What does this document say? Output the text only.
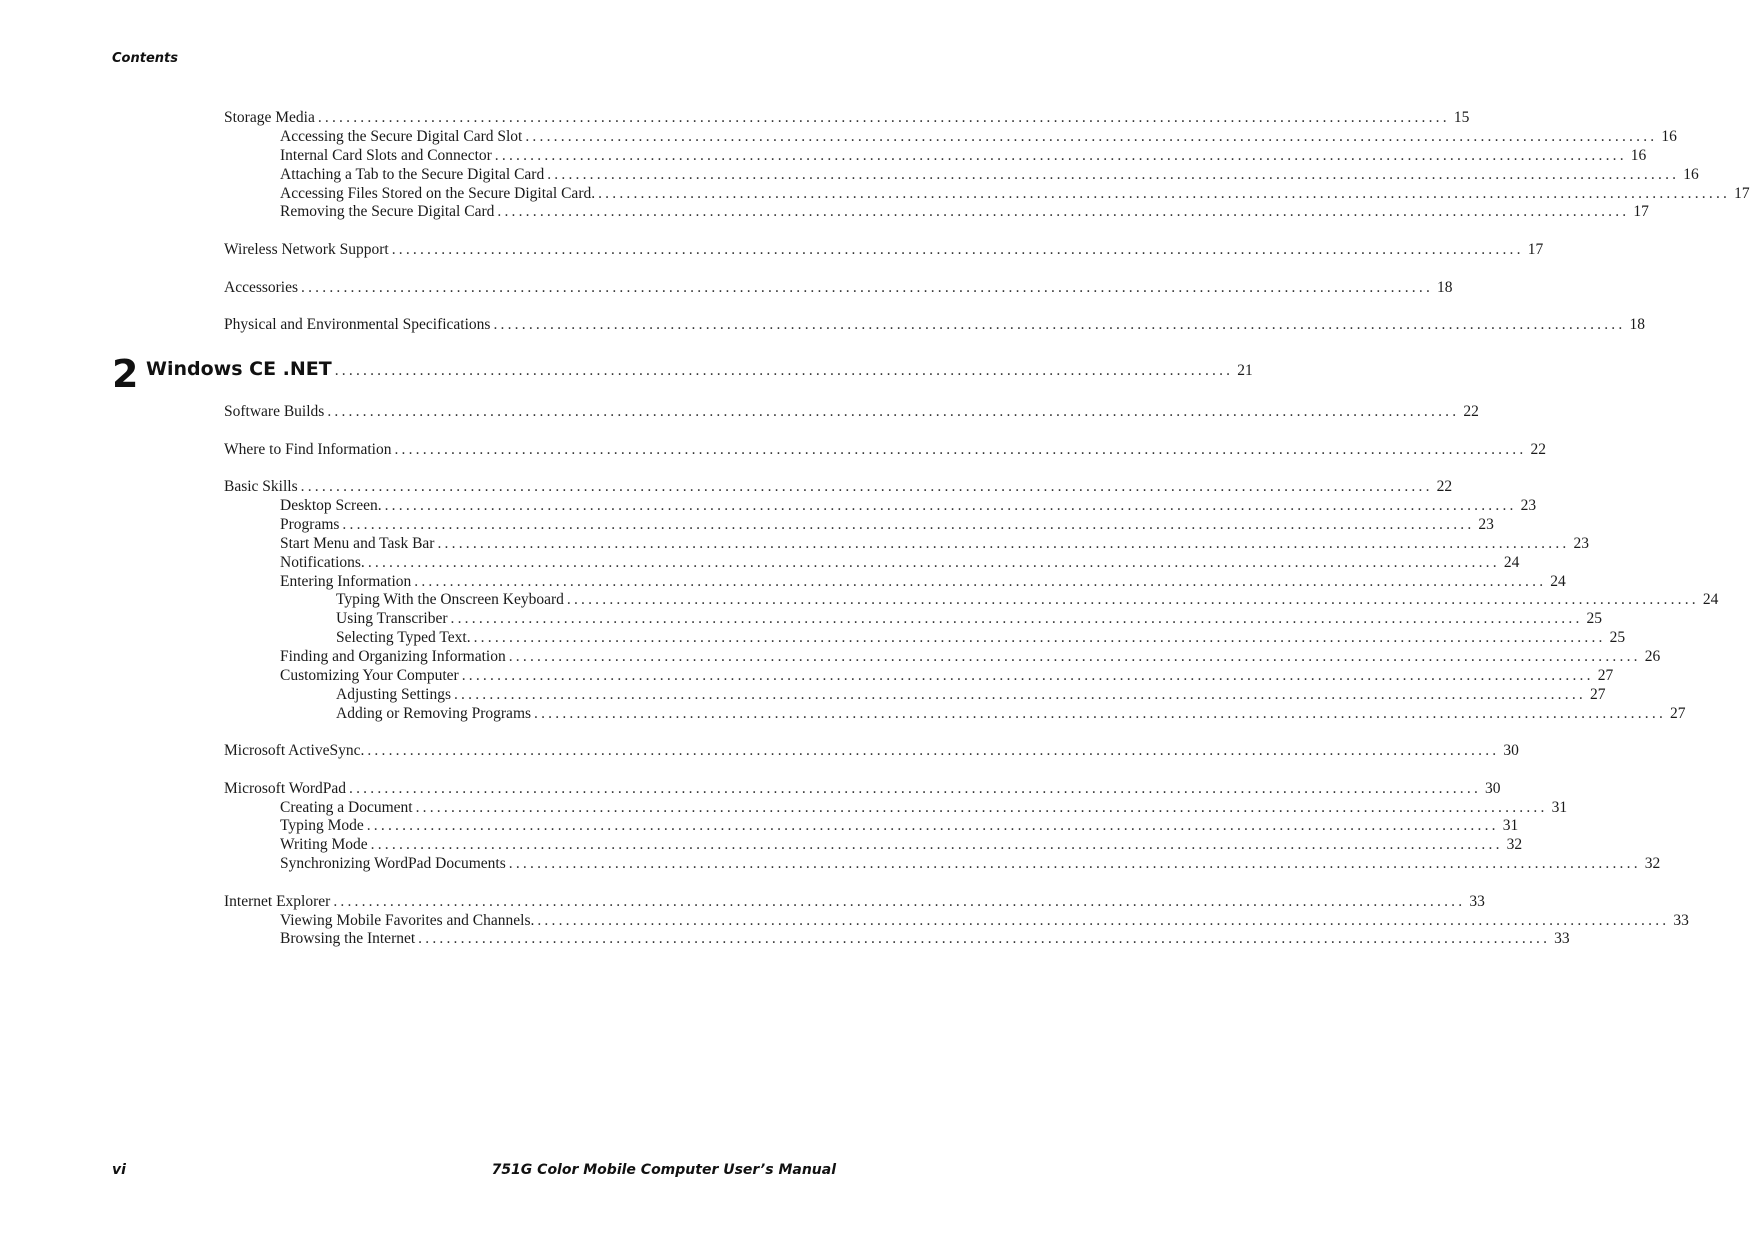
Contents
Storage Media ................................................................................................................................................................ 15
Accessing the Secure Digital Card Slot ................................................................................................................................................................ 16
Internal Card Slots and Connector ................................................................................................................................................................ 16
Attaching a Tab to the Secure Digital Card ................................................................................................................................................................ 16
Accessing Files Stored on the Secure Digital Card. ................................................................................................................................................................ 17
Removing the Secure Digital Card ................................................................................................................................................................ 17
Wireless Network Support ................................................................................................................................................................ 17
Accessories ................................................................................................................................................................ 18
Physical and Environmental Specifications ................................................................................................................................................................ 18
Software Builds ................................................................................................................................................................ 22
Where to Find Information ................................................................................................................................................................ 22
Basic Skills ................................................................................................................................................................ 22
Desktop Screen. ................................................................................................................................................................ 23
Programs ................................................................................................................................................................ 23
Start Menu and Task Bar ................................................................................................................................................................ 23
Notifications. ................................................................................................................................................................ 24
Entering Information ................................................................................................................................................................ 24
Typing With the Onscreen Keyboard ................................................................................................................................................................ 24
Using Transcriber ................................................................................................................................................................ 25
Selecting Typed Text. ................................................................................................................................................................ 25
Finding and Organizing Information ................................................................................................................................................................ 26
Customizing Your Computer ................................................................................................................................................................ 27
Adjusting Settings ................................................................................................................................................................ 27
Adding or Removing Programs ................................................................................................................................................................ 27
Microsoft ActiveSync. ................................................................................................................................................................ 30
Microsoft WordPad ................................................................................................................................................................ 30
Creating a Document ................................................................................................................................................................ 31
Typing Mode ................................................................................................................................................................ 31
Writing Mode ................................................................................................................................................................ 32
Synchronizing WordPad Documents ................................................................................................................................................................ 32
Internet Explorer ................................................................................................................................................................ 33
Viewing Mobile Favorites and Channels. ................................................................................................................................................................ 33
Browsing the Internet ................................................................................................................................................................ 33
2 Windows CE .NET ............................................................................................................................... 21
vi	751G Color Mobile Computer User’s Manual
